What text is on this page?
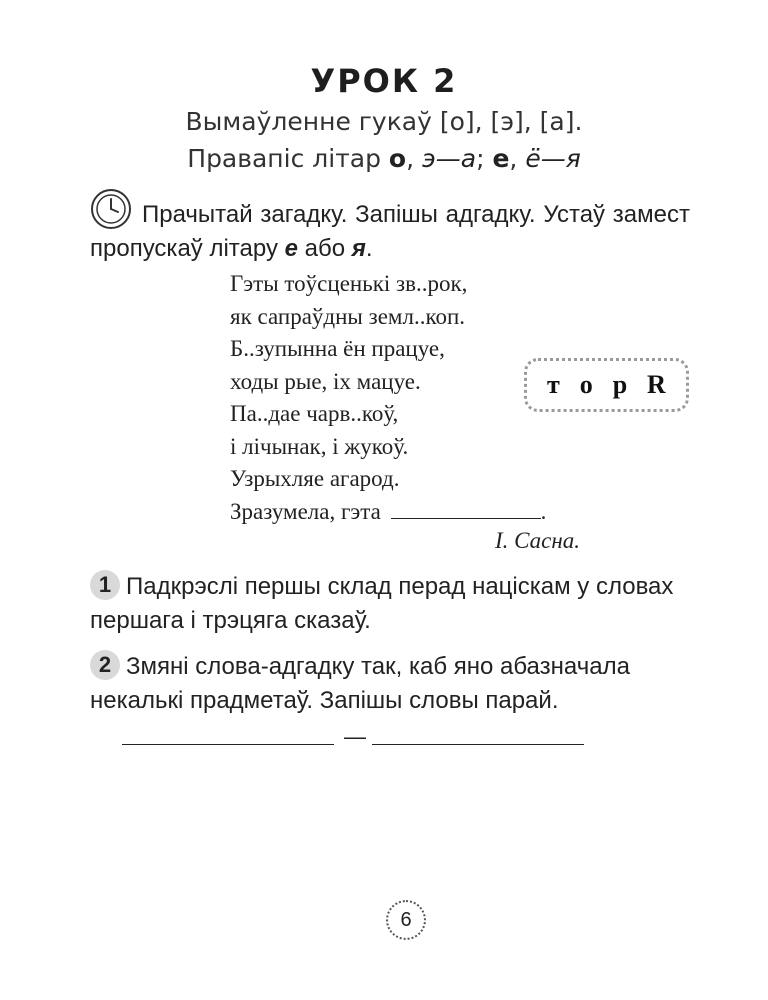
УРОК 2
Вымаўленне гукаў [о], [э], [а].
Правапіс літар о, э—а; е, ё—я
Прачытай загадку. Запішы адгадку. Устаў замест пропускаў літару е або я.
Гэты тоўсценькі зв..рок,
як сапраўдны земл..коп.
Б..зупынна ён працуе,
ходы рые, іх мацуе.
Па..дае чарв..коў,
і лічынак, і жукоў.
Узрыхляе агарод.
Зразумела, гэта	.
І. Сасна.
т о р Я
1 Падкрэслі першы склад перад націскам у словах першага і трэцяга сказаў.
2 Змяні слова-адгадку так, каб яно абазначала некалькі прадметаў. Запішы словы парай.
—
6
